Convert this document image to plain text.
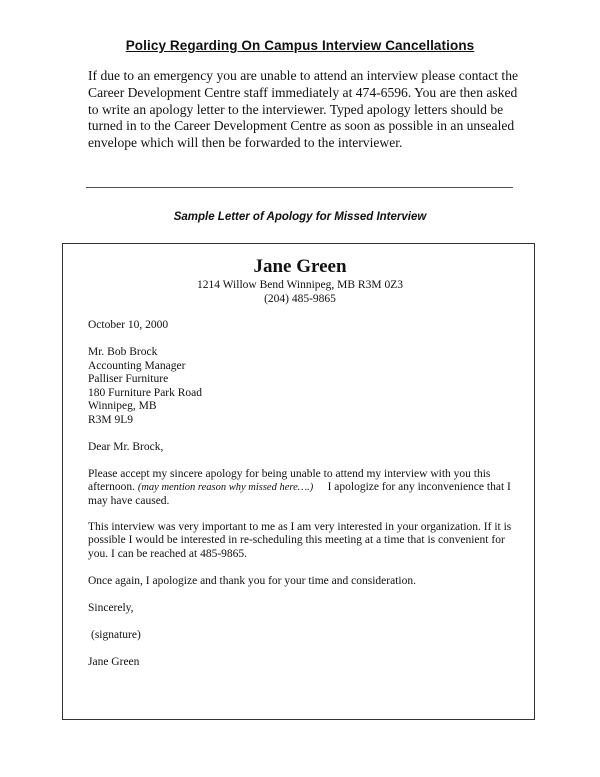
Policy Regarding On Campus Interview Cancellations

If due to an emergency you are unable to attend an interview please contact the Career Development Centre staff immediately at 474-6596. You are then asked to write an apology letter to the interviewer. Typed apology letters should be turned in to the Career Development Centre as soon as possible in an unsealed envelope which will then be forwarded to the interviewer.

Sample Letter of Apology for Missed Interview
Jane Green
1214 Willow Bend Winnipeg, MB R3M 0Z3
(204) 485-9865

October 10, 2000

Mr. Bob Brock

Accounting Manager

Palliser Furniture

180 Furniture Park Road

Winnipeg, MB

R3M 9L9

Dear Mr. Brock,

Please accept my sincere apology for being unable to attend my interview with you this afternoon. (may mention reason why missed here….) I apologize for any inconvenience that I may have caused.

This interview was very important to me as I am very interested in your organization. If it is possible I would be interested in re-scheduling this meeting at a time that is convenient for you. I can be reached at 485-9865.

Once again, I apologize and thank you for your time and consideration.

Sincerely,

(signature)

Jane Green
